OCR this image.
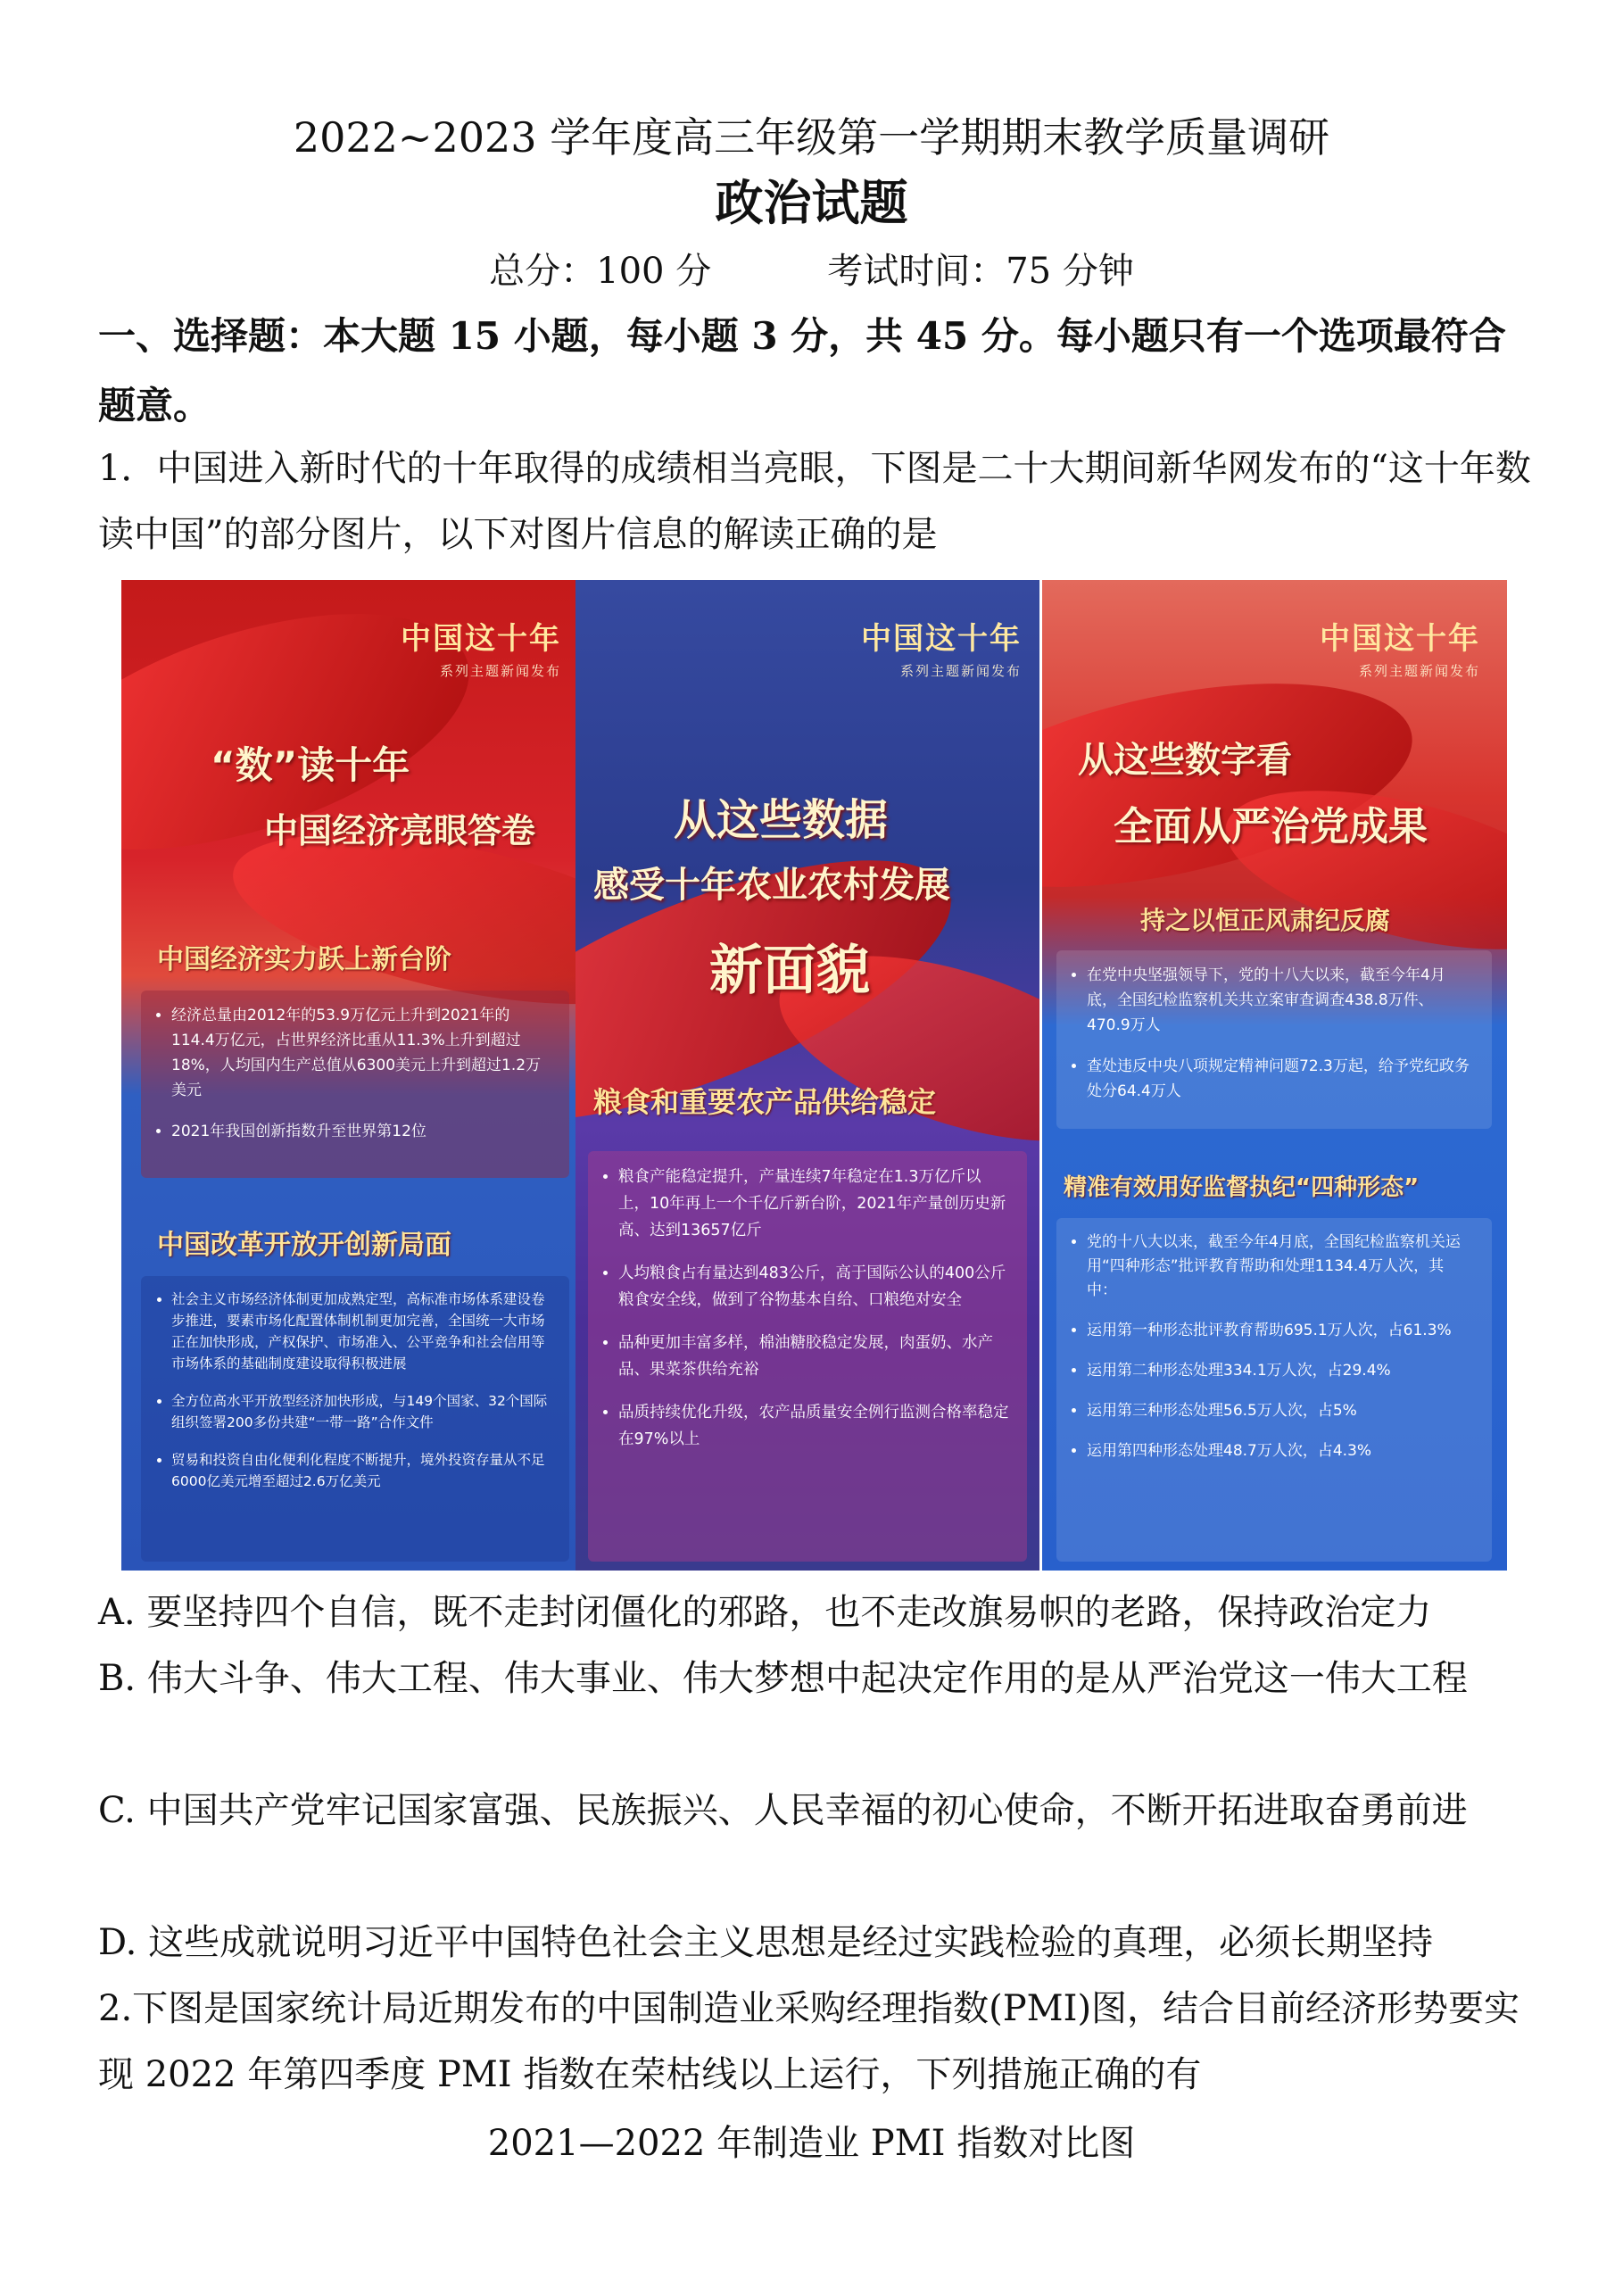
2022~2023 学年度高三年级第一学期期末教学质量调研
政治试题
总分：100 分	考试时间：75 分钟
一、选择题：本大题 15 小题，每小题 3 分，共 45 分。每小题只有一个选项最符合题意。
1．中国进入新时代的十年取得的成绩相当亮眼，下图是二十大期间新华网发布的“这十年数读中国”的部分图片，以下对图片信息的解读正确的是
中国这十年
系列主题新闻发布
“数”读十年
中国经济亮眼答卷
中国经济实力跃上新台阶
• 经济总量由2012年的53.9万亿元上升到2021年的114.4万亿元，占世界经济比重从11.3%上升到超过18%，人均国内生产总值从6300美元上升到超过1.2万美元
• 2021年我国创新指数升至世界第12位
中国改革开放开创新局面
• 社会主义市场经济体制更加成熟定型，高标准市场体系建设卷步推进，要素市场化配置体制机制更加完善，全国统一大市场正在加快形成，产权保护、市场准入、公平竞争和社会信用等市场体系的基础制度建设取得积极进展
• 全方位高水平开放型经济加快形成，与149个国家、32个国际组织签署200多份共建“一带一路”合作文件
• 贸易和投资自由化便利化程度不断提升，境外投资存量从不足6000亿美元增至超过2.6万亿美元
中国这十年
系列主题新闻发布
从这些数据
感受十年农业农村发展
新面貌
粮食和重要农产品供给稳定
• 粮食产能稳定提升，产量连续7年稳定在1.3万亿斤以上，10年再上一个千亿斤新台阶，2021年产量创历史新高、达到13657亿斤
• 人均粮食占有量达到483公斤，高于国际公认的400公斤粮食安全线，做到了谷物基本自给、口粮绝对安全
• 品种更加丰富多样，棉油糖胶稳定发展，肉蛋奶、水产品、果菜茶供给充裕
• 品质持续优化升级，农产品质量安全例行监测合格率稳定在97%以上
中国这十年
系列主题新闻发布
从这些数字看
全面从严治党成果
持之以恒正风肃纪反腐
• 在党中央坚强领导下，党的十八大以来，截至今年4月底，全国纪检监察机关共立案审查调查438.8万件、470.9万人
• 查处违反中央八项规定精神问题72.3万起，给予党纪政务处分64.4万人
精准有效用好监督执纪“四种形态”
• 党的十八大以来，截至今年4月底，全国纪检监察机关运用“四种形态”批评教育帮助和处理1134.4万人次，其中：
• 运用第一种形态批评教育帮助695.1万人次，占61.3%
• 运用第二种形态处理334.1万人次，占29.4%
• 运用第三种形态处理56.5万人次，占5%
• 运用第四种形态处理48.7万人次，占4.3%
A. 要坚持四个自信，既不走封闭僵化的邪路，也不走改旗易帜的老路，保持政治定力
B. 伟大斗争、伟大工程、伟大事业、伟大梦想中起决定作用的是从严治党这一伟大工程
C. 中国共产党牢记国家富强、民族振兴、人民幸福的初心使命，不断开拓进取奋勇前进
D. 这些成就说明习近平中国特色社会主义思想是经过实践检验的真理，必须长期坚持
2.下图是国家统计局近期发布的中国制造业采购经理指数(PMI)图，结合目前经济形势要实现 2022 年第四季度 PMI 指数在荣枯线以上运行，下列措施正确的有
2021—2022 年制造业 PMI 指数对比图
